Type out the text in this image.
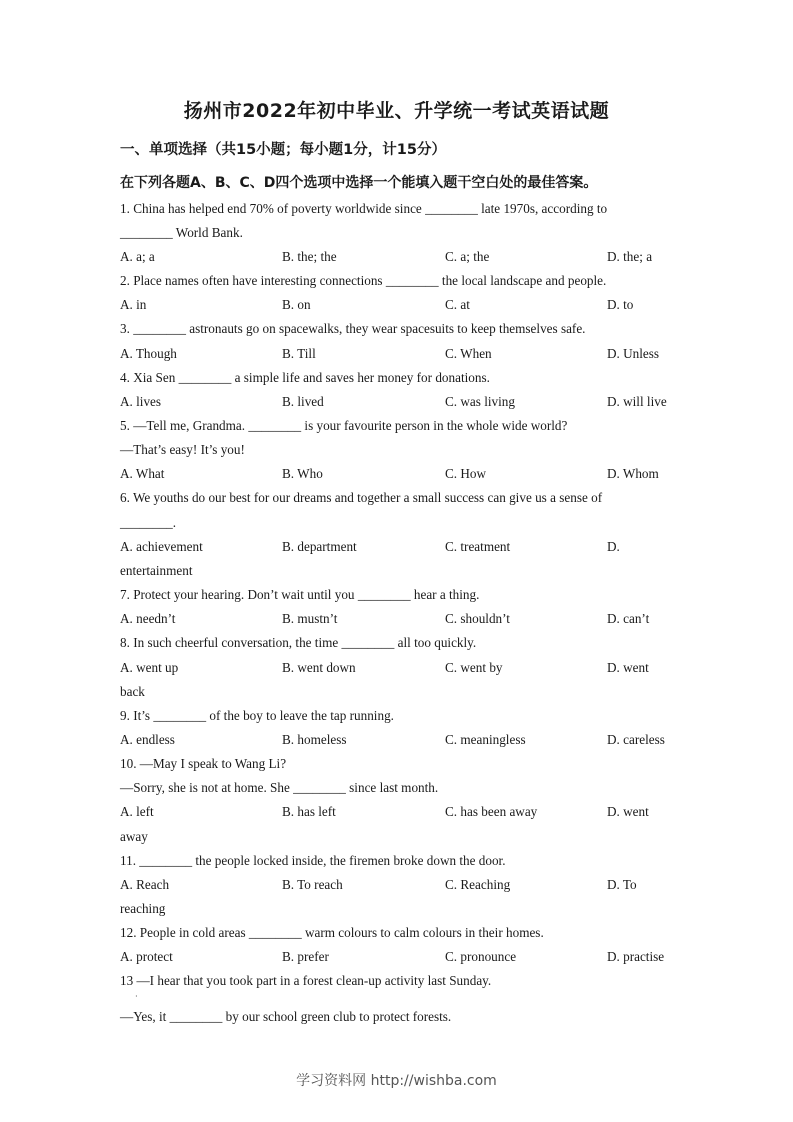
扬州市2022年初中毕业、升学统一考试英语试题
一、单项选择（共15小题；每小题1分，计15分）
在下列各题A、B、C、D四个选项中选择一个能填入题干空白处的最佳答案。
1. China has helped end 70% of poverty worldwide since ________ late 1970s, according to
________ World Bank.
A. a; a	B. the; the	C. a; the	D. the; a
2. Place names often have interesting connections ________ the local landscape and people.
A. in	B. on	C. at	D. to
3. ________ astronauts go on spacewalks, they wear spacesuits to keep themselves safe.
A. Though	B. Till	C. When	D. Unless
4. Xia Sen ________ a simple life and saves her money for donations.
A. lives	B. lived	C. was living	D. will live
5. —Tell me, Grandma. ________ is your favourite person in the whole wide world?
—That’s easy! It’s you!
A. What	B. Who	C. How	D. Whom
6. We youths do our best for our dreams and together a small success can give us a sense of
________.
A. achievement	B. department	C. treatment	D.
entertainment
7. Protect your hearing. Don’t wait until you ________ hear a thing.
A. needn’t	B. mustn’t	C. shouldn’t	D. can’t
8. In such cheerful conversation, the time ________ all too quickly.
A. went up	B. went down	C. went by	D. went
back
9. It’s ________ of the boy to leave the tap running.
A. endless	B. homeless	C. meaningless	D. careless
10. —May I speak to Wang Li?
—Sorry, she is not at home. She ________ since last month.
A. left	B. has left	C. has been away	D. went
away
11. ________ the people locked inside, the firemen broke down the door.
A. Reach	B. To reach	C. Reaching	D. To
reaching
12. People in cold areas ________ warm colours to calm colours in their homes.
A. protect	B. prefer	C. pronounce	D. practise
13 —I hear that you took part in a forest clean-up activity last Sunday.
·
—Yes, it ________ by our school green club to protect forests.
学习资料网 http://wishba.com
